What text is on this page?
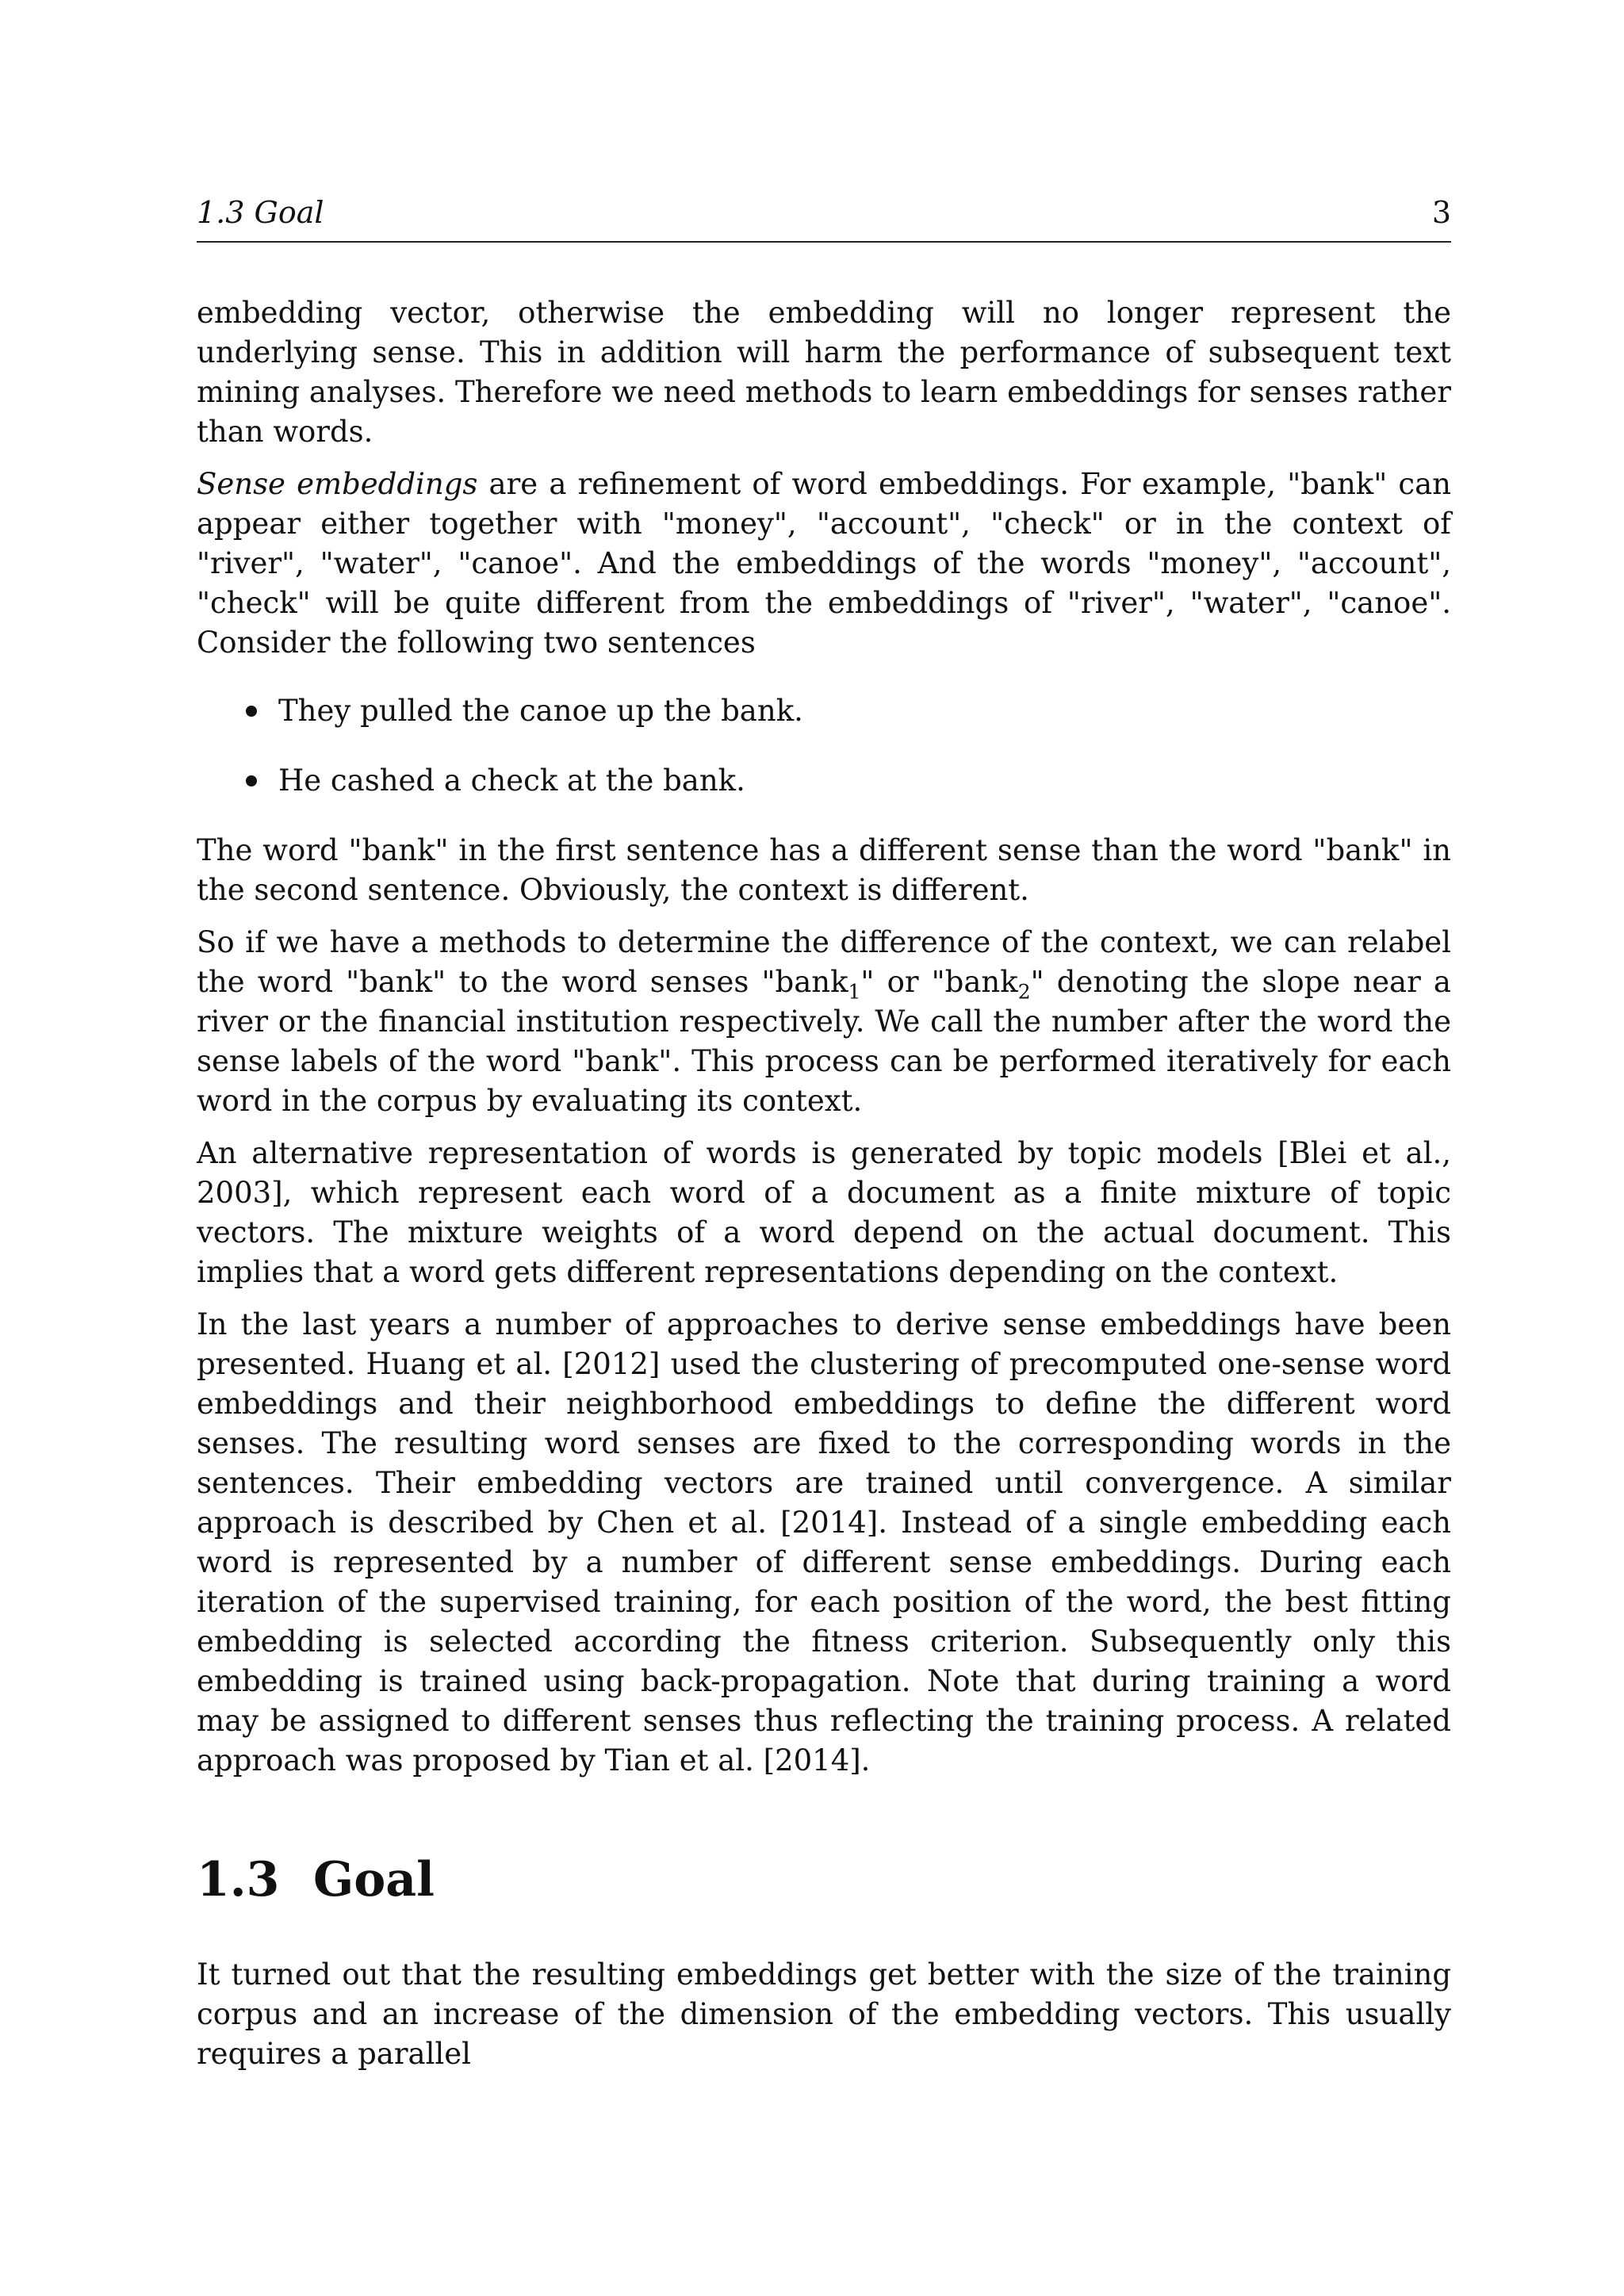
1.3 Goal	3

embedding vector, otherwise the embedding will no longer represent the underlying sense. This in addition will harm the performance of subsequent text mining analyses. Therefore we need methods to learn embeddings for senses rather than words.

Sense embeddings are a refinement of word embeddings. For example, "bank" can appear either together with "money", "account", "check" or in the context of "river", "water", "canoe". And the embeddings of the words "money", "account", "check" will be quite different from the embeddings of "river", "water", "canoe". Consider the following two sentences

They pulled the canoe up the bank.
He cashed a check at the bank.

The word "bank" in the first sentence has a different sense than the word "bank" in the second sentence. Obviously, the context is different.

So if we have a methods to determine the difference of the context, we can relabel the word "bank" to the word senses "bank$_1$" or "bank$_2$" denoting the slope near a river or the financial institution respectively. We call the number after the word the sense labels of the word "bank". This process can be performed iteratively for each word in the corpus by evaluating its context.

An alternative representation of words is generated by topic models [Blei et al., 2003], which represent each word of a document as a finite mixture of topic vectors. The mixture weights of a word depend on the actual document. This implies that a word gets different representations depending on the context.

In the last years a number of approaches to derive sense embeddings have been presented. Huang et al. [2012] used the clustering of precomputed one-sense word embeddings and their neighborhood embeddings to define the different word senses. The resulting word senses are fixed to the corresponding words in the sentences. Their embedding vectors are trained until convergence. A similar approach is described by Chen et al. [2014]. Instead of a single embedding each word is represented by a number of different sense embeddings. During each iteration of the supervised training, for each position of the word, the best fitting embedding is selected according the fitness criterion. Subsequently only this embedding is trained using back-propagation. Note that during training a word may be assigned to different senses thus reflecting the training process. A related approach was proposed by Tian et al. [2014].

1.3 Goal

It turned out that the resulting embeddings get better with the size of the training corpus and an increase of the dimension of the embedding vectors. This usually requires a parallel
